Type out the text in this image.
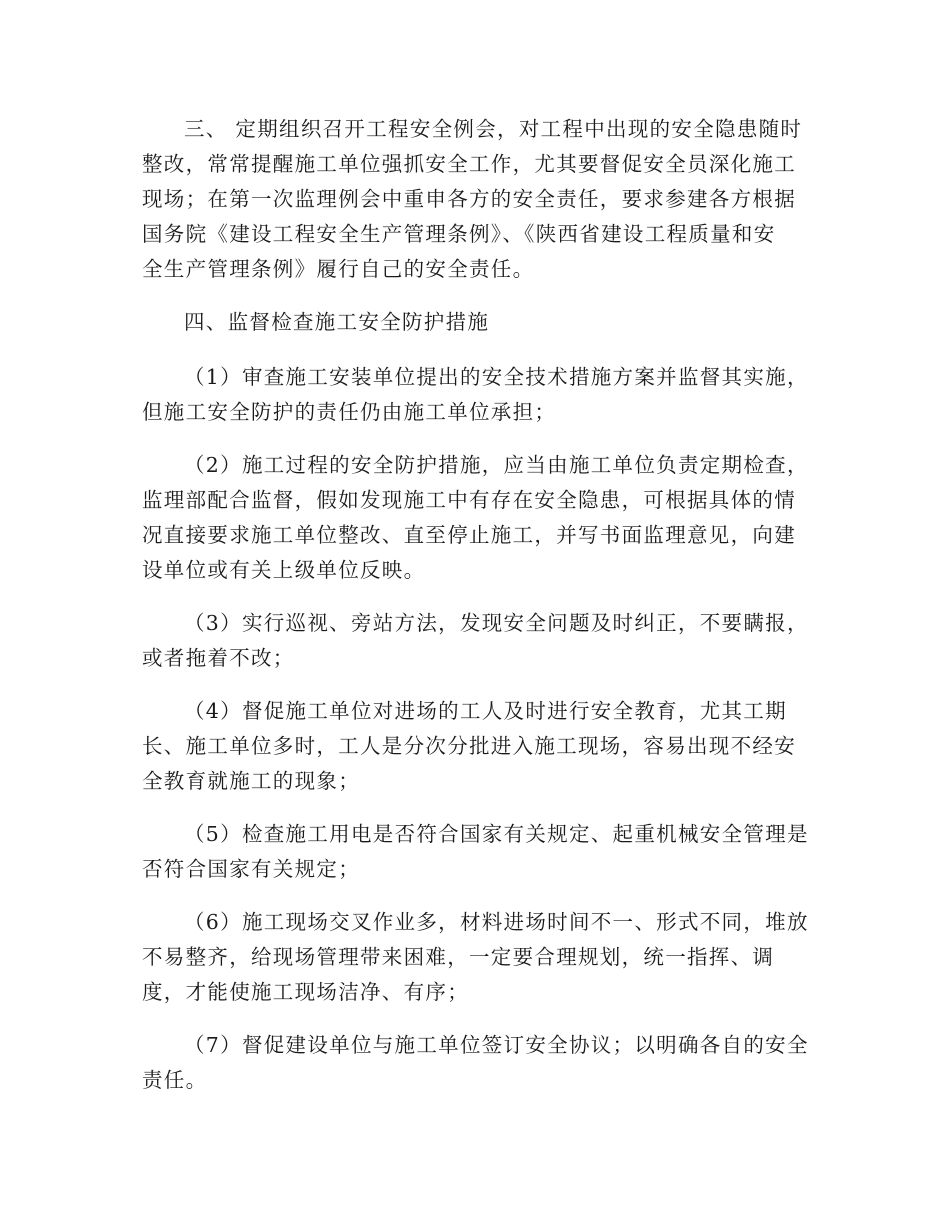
三、 定期组织召开工程安全例会，对工程中出现的安全隐患随时
整改，常常提醒施工单位强抓安全工作，尤其要督促安全员深化施工
现场；在第一次监理例会中重申各方的安全责任，要求参建各方根据
国务院《建设工程安全生产管理条例》、《陕西省建设工程质量和安
全生产管理条例》履行自己的安全责任。
四、监督检查施工安全防护措施
（1）审查施工安装单位提出的安全技术措施方案并监督其实施，
但施工安全防护的责任仍由施工单位承担；
（2）施工过程的安全防护措施，应当由施工单位负责定期检查，
监理部配合监督，假如发现施工中有存在安全隐患，可根据具体的情
况直接要求施工单位整改、直至停止施工，并写书面监理意见，向建
设单位或有关上级单位反映。
（3）实行巡视、旁站方法，发现安全问题及时纠正，不要瞒报，
或者拖着不改；
（4）督促施工单位对进场的工人及时进行安全教育，尤其工期
长、施工单位多时，工人是分次分批进入施工现场，容易出现不经安
全教育就施工的现象；
（5）检查施工用电是否符合国家有关规定、起重机械安全管理是
否符合国家有关规定；
（6）施工现场交叉作业多，材料进场时间不一、形式不同，堆放
不易整齐，给现场管理带来困难，一定要合理规划，统一指挥、调
度，才能使施工现场洁净、有序；
（7）督促建设单位与施工单位签订安全协议；以明确各自的安全
责任。
